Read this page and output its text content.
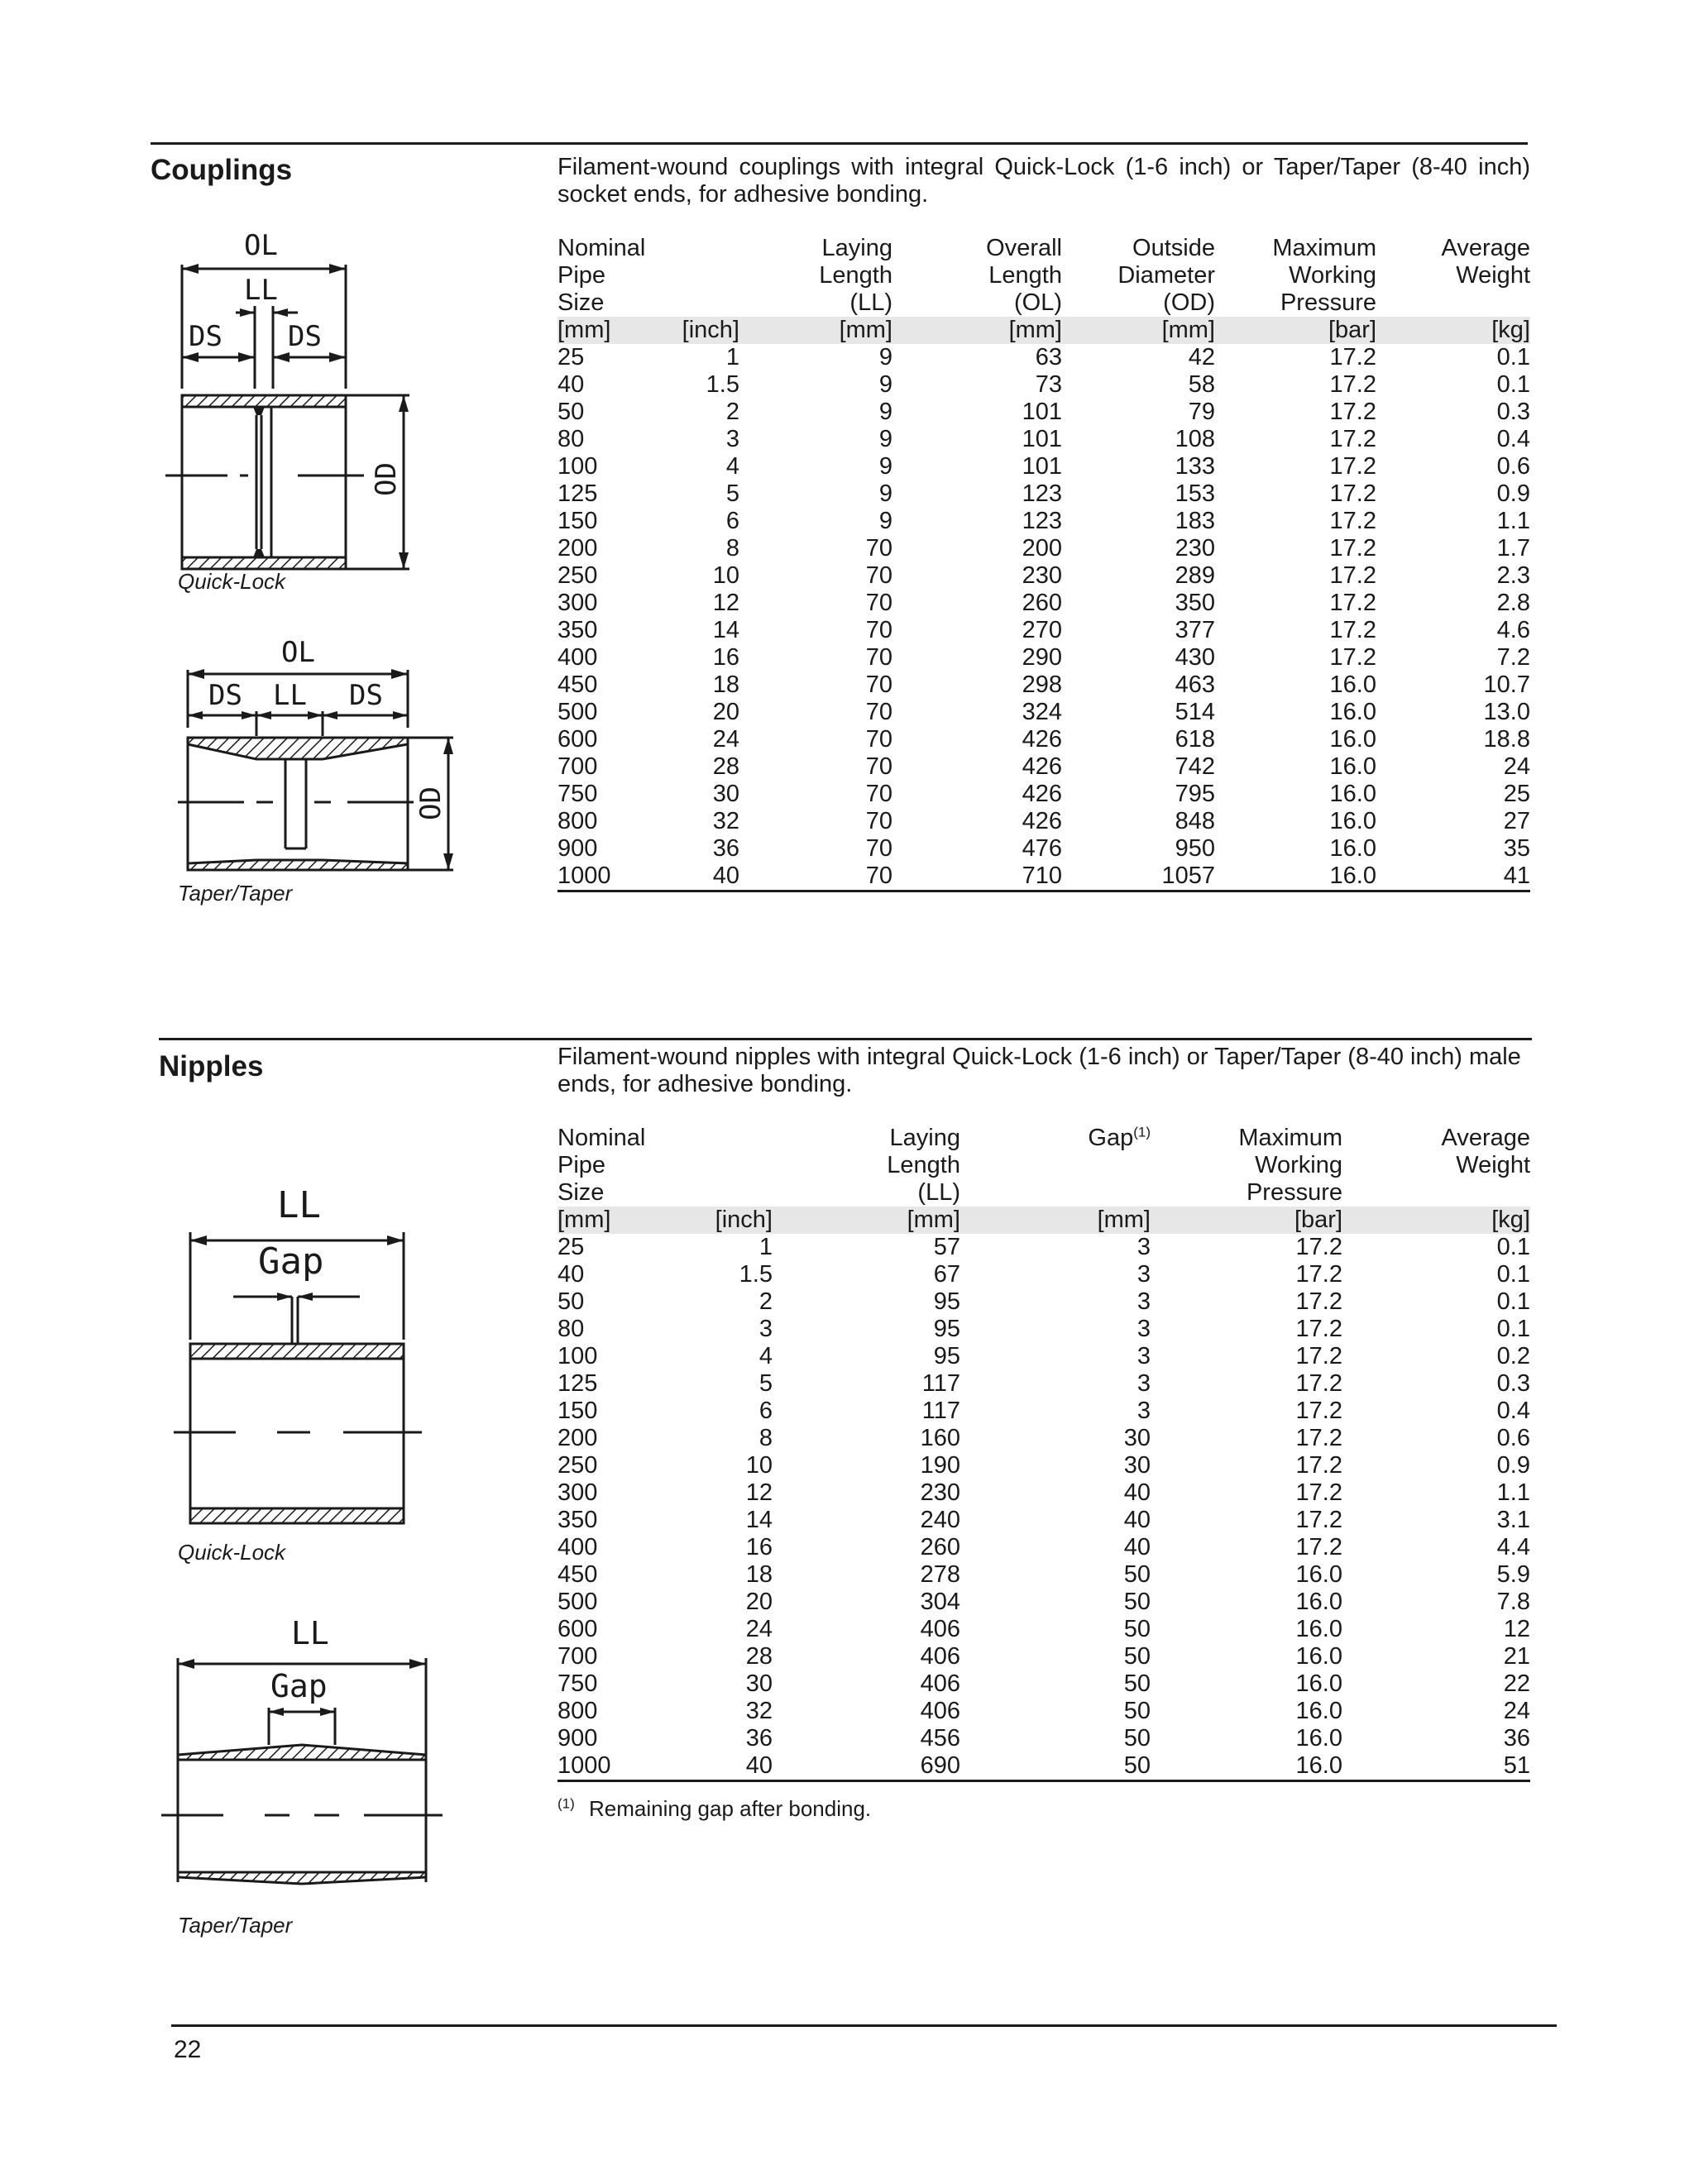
Couplings	Filament-wound couplings with integral Quick-Lock (1-6 inch) or Taper/Taper (8-40 inch) socket ends, for adhesive bonding.
OL
LL
DS DS
OD
Quick-Lock
OL
DS LL DS
OD
Taper/Taper
Nominal		Laying	Overall	Outside	Maximum	Average
Pipe		Length	Length	Diameter	Working	Weight
Size		(LL)	(OL)	(OD)	Pressure	
[mm]	[inch]	[mm]	[mm]	[mm]	[bar]	[kg]
25	1	9	63	42	17.2	0.1
40	1.5	9	73	58	17.2	0.1
50	2	9	101	79	17.2	0.3
80	3	9	101	108	17.2	0.4
100	4	9	101	133	17.2	0.6
125	5	9	123	153	17.2	0.9
150	6	9	123	183	17.2	1.1
200	8	70	200	230	17.2	1.7
250	10	70	230	289	17.2	2.3
300	12	70	260	350	17.2	2.8
350	14	70	270	377	17.2	4.6
400	16	70	290	430	17.2	7.2
450	18	70	298	463	16.0	10.7
500	20	70	324	514	16.0	13.0
600	24	70	426	618	16.0	18.8
700	28	70	426	742	16.0	24
750	30	70	426	795	16.0	25
800	32	70	426	848	16.0	27
900	36	70	476	950	16.0	35
1000	40	70	710	1057	16.0	41
Nipples	Filament-wound nipples with integral Quick-Lock (1-6 inch) or Taper/Taper (8-40 inch) male ends, for adhesive bonding.
LL
Gap
Quick-Lock
LL
Gap
Taper/Taper
Nominal		Laying	Gap$^{(1)}$	Maximum	Average
Pipe		Length		Working	Weight
Size		(LL)		Pressure	
[mm]	[inch]	[mm]	[mm]	[bar]	[kg]
25	1	57	3	17.2	0.1
40	1.5	67	3	17.2	0.1
50	2	95	3	17.2	0.1
80	3	95	3	17.2	0.1
100	4	95	3	17.2	0.2
125	5	117	3	17.2	0.3
150	6	117	3	17.2	0.4
200	8	160	30	17.2	0.6
250	10	190	30	17.2	0.9
300	12	230	40	17.2	1.1
350	14	240	40	17.2	3.1
400	16	260	40	17.2	4.4
450	18	278	50	16.0	5.9
500	20	304	50	16.0	7.8
600	24	406	50	16.0	12
700	28	406	50	16.0	21
750	30	406	50	16.0	22
800	32	406	50	16.0	24
900	36	456	50	16.0	36
1000	40	690	50	16.0	51
$^{(1)}$ Remaining gap after bonding.
22
